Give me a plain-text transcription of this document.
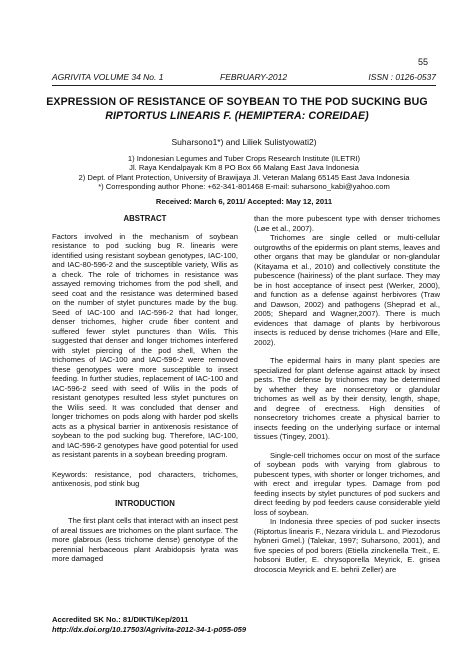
55
AGRIVITA VOLUME 34 No. 1	FEBRUARY-2012	ISSN : 0126-0537
EXPRESSION OF RESISTANCE OF SOYBEAN TO THE POD SUCKING BUG
RIPTORTUS LINEARIS F. (HEMIPTERA: COREIDAE)
Suharsono1*) and Liliek Sulistyowati2)
1) Indonesian Legumes and Tuber Crops Research Institute (ILETRI)
Jl. Raya Kendalpayak Km 8 PO Box 66 Malang East Java Indonesia
2) Dept. of Plant Protection, University of Brawijaya Jl. Veteran Malang 65145 East Java Indonesia
*) Corresponding author Phone: +62-341-801468 E-mail: suharsono_kabi@yahoo.com
Received: March 6, 2011/ Accepted: May 12, 2011
ABSTRACT

Factors involved in the mechanism of soybean resistance to pod sucking bug R. linearis were identified using resistant soybean genotypes, IAC-100, and IAC-80-596-2 and the susceptible variety, Wilis as a check. The role of trichomes in resistance was assayed removing trichomes from the pod shell, and seed coat and the resistance was determined based on the number of stylet punctures made by the bug. Seed of IAC-100 and IAC-596-2 that had longer, denser trichomes, higher crude fiber content and suffered fewer stylet punctures than Wilis. This suggested that denser and longer trichomes interfered with stylet piercing of the pod shell, When the trichomes of IAC-100 and IAC-596-2 were removed these genotypes were more susceptible to insect feeding. In further studies, replacement of IAC-100 and IAC-596-2 seed with seed of Wilis in the pods of resistant genotypes resulted less stylet punctures on the Wilis seed. It was concluded that denser and longer trichomes on pods along with harder pod skells acts as a physical barrier in antixenosis resistance of soybean to the pod sucking bug. Therefore, IAC-100, and IAC-596-2 genotypes have good potential for used as resistant parents in a soybean breeding program.

Keywords: resistance, pod characters, trichomes, antixenosis, pod stink bug

INTRODUCTION

The first plant cells that interact with an insect pest of areal tissues are trichomes on the plant surface. The more glabrous (less trichome dense) genotype of the perennial herbaceous plant Arabidopsis lyrata was more damaged

than the more pubescent type with denser trichomes (Løe et al., 2007).

Trichomes are single celled or multi-cellular outgrowths of the epidermis on plant stems, leaves and other organs that may be glandular or non-glandular (Kitayama et al., 2010) and collectively constitute the pubescence (hairiness) of the plant surface. They may be in host acceptance of insect pest (Werker, 2000), and function as a defense against herbivores (Traw and Dawson, 2002) and pathogens (Sheprad et al., 2005; Shepard and Wagner,2007). There is much evidences that damage of plants by herbivorous insects is reduced by dense trichomes (Hare and Elle, 2002).

The epidermal hairs in many plant species are specialized for plant defense against attack by insect pests. The defense by trichomes may be determined by whether they are nonsecretory or glandular trichomes as well as by their density, length, shape, and degree of erectness. High densities of nonsecretory trichomes create a physical barrier to insects feeding on the underlying surface or internal tissues (Tingey, 2001).

Single-cell trichomes occur on most of the surface of soybean pods with varying from glabrous to pubescent types, with shorter or longer trichomes, and with erect and irregular types. Damage from pod feeding insects by stylet punctures of pod suckers and direct feeding by pod feeders cause considerable yield loss of soybean.

In Indonesia three species of pod sucker insects (Riptortus linearis F., Nezara viridula L. and Piezodorus hybneri Gmel.) (Talekar, 1997; Suharsono, 2001), and five species of pod borers (Etiella zinckenella Treit., E. hobsoni Butler, E. chrysoporella Meyrick, E. grisea drocoscia Meyrick and E. behrii Zeller) are

Accredited SK No.: 81/DIKTI/Kep/2011
http://dx.doi.org/10.17503/Agrivita-2012-34-1-p055-059
